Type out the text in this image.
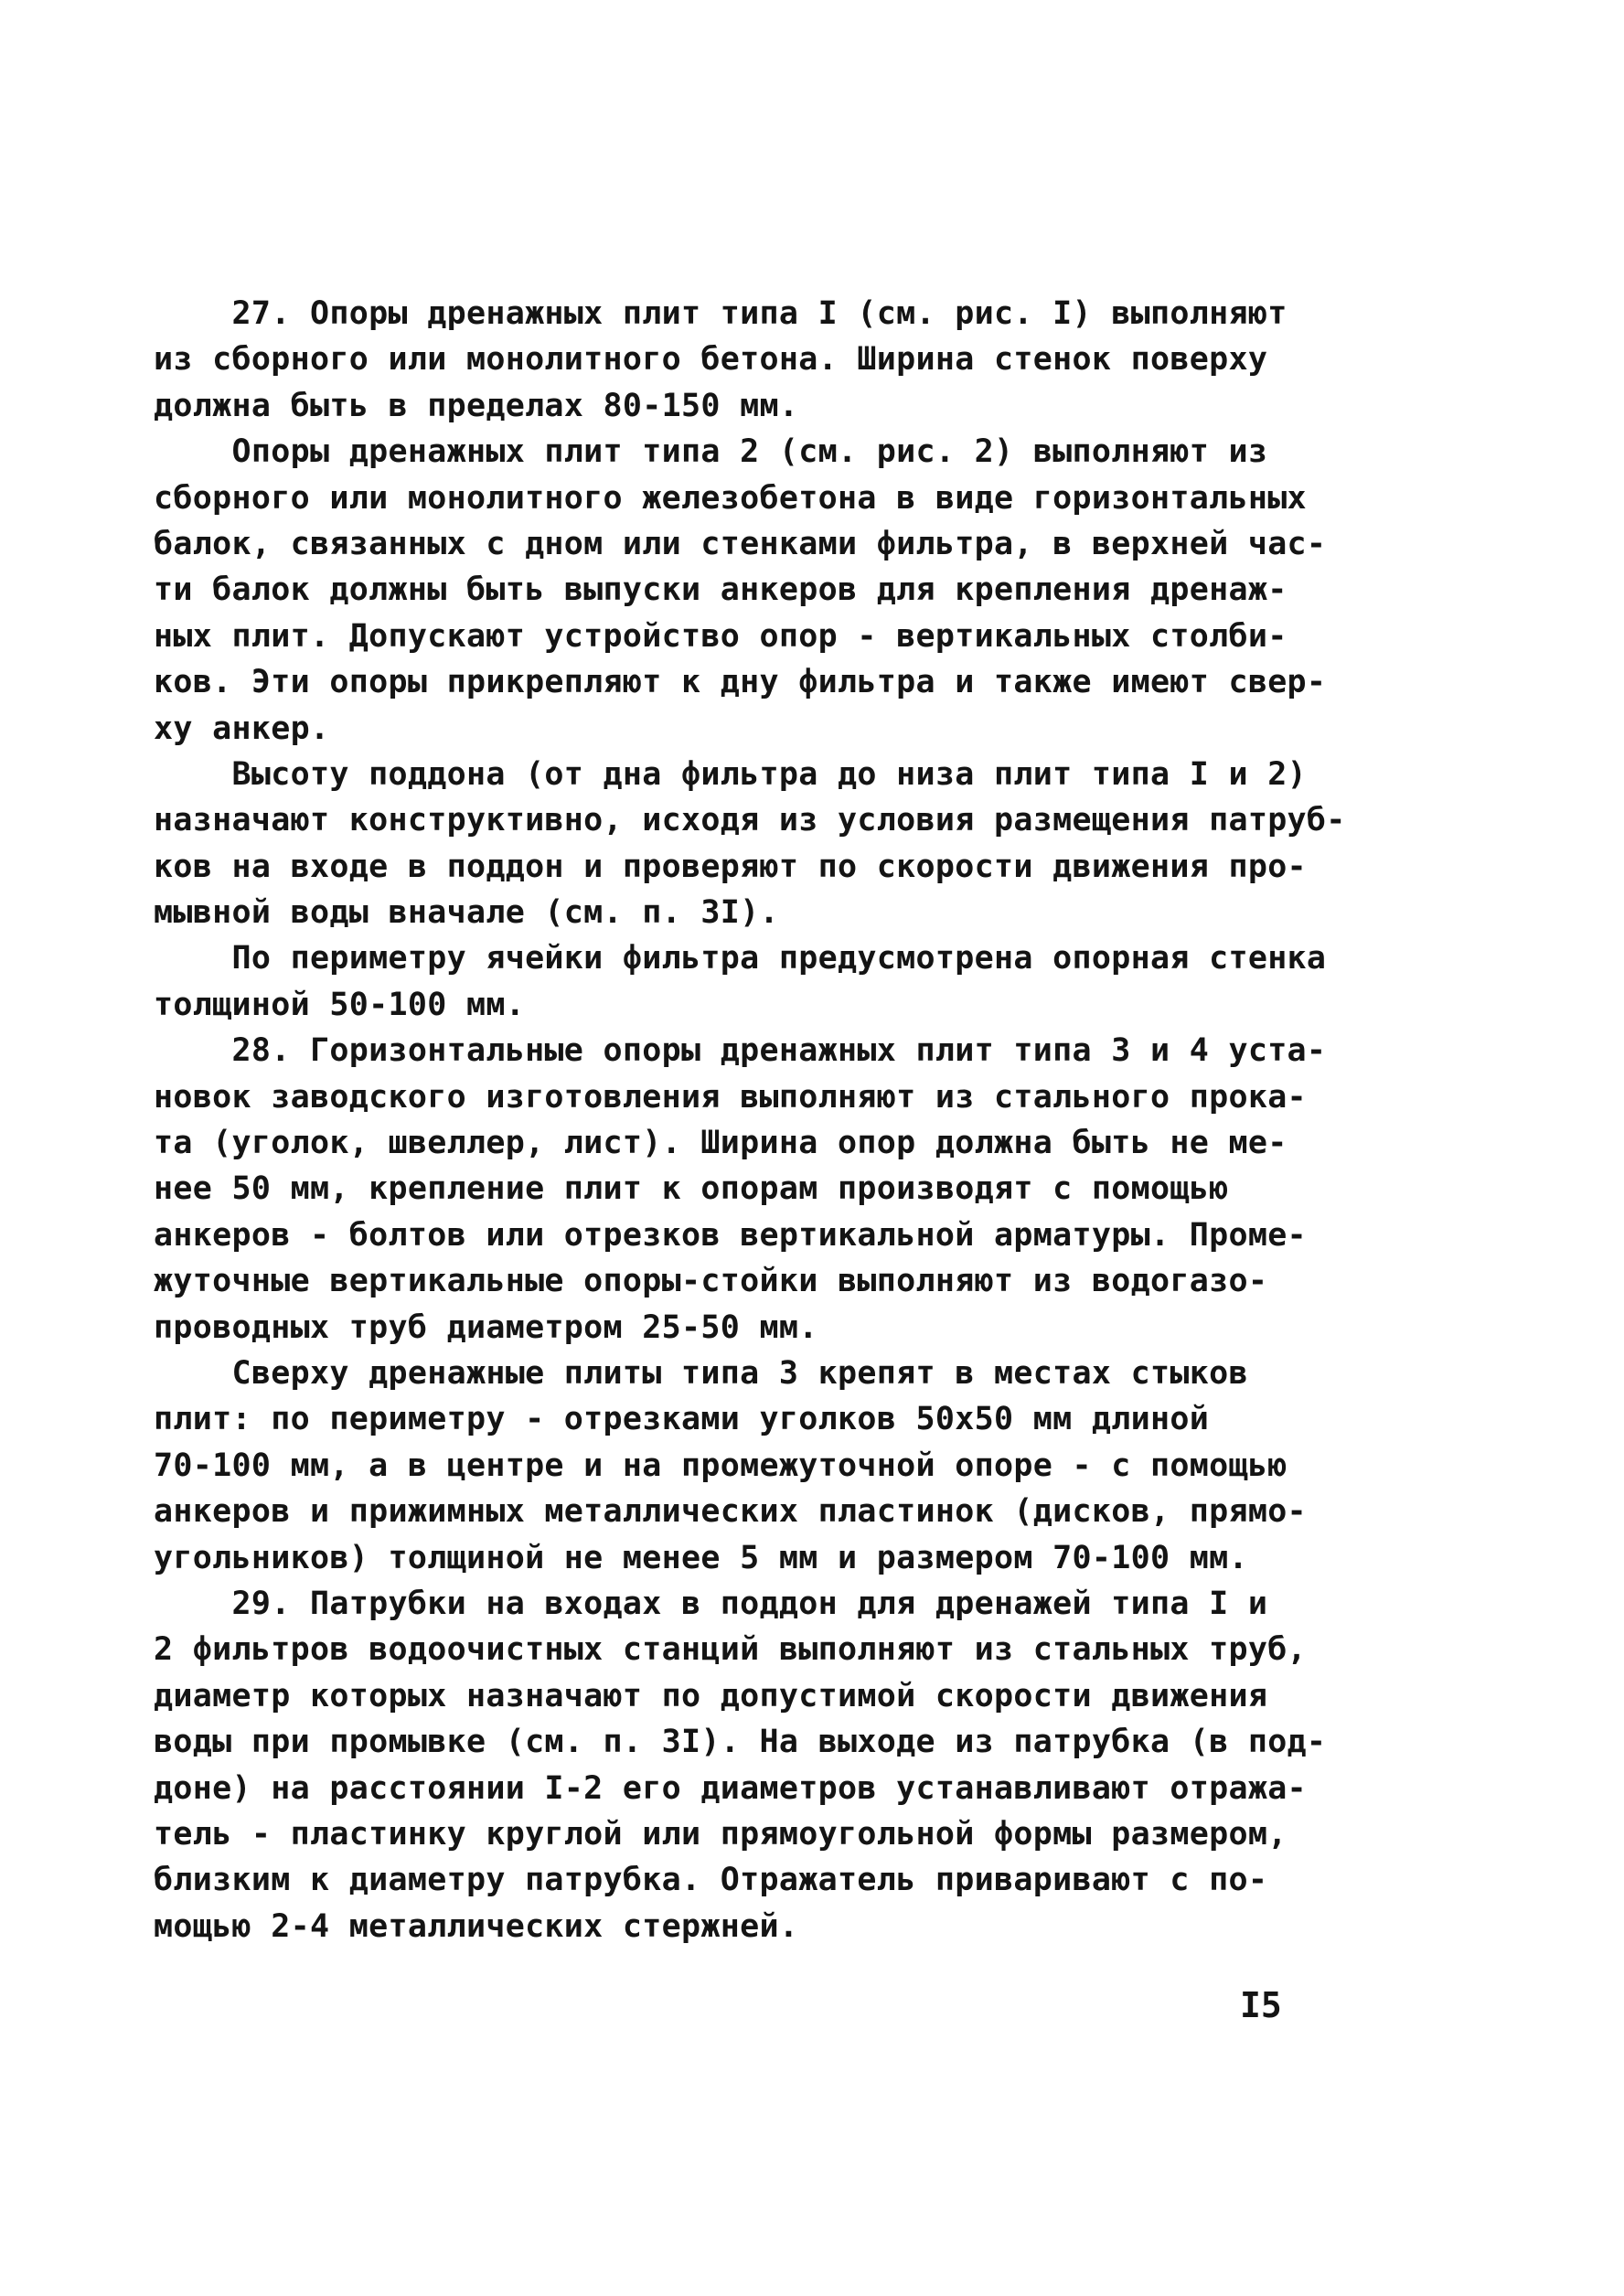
27. Опоры дренажных плит типа I (см. рис. I) выполняют
из сборного или монолитного бетона. Ширина стенок поверху
должна быть в пределах 80-150 мм.
Опоры дренажных плит типа 2 (см. рис. 2) выполняют из
сборного или монолитного железобетона в виде горизонтальных
балок, связанных с дном или стенками фильтра, в верхней час-
ти балок должны быть выпуски анкеров для крепления дренаж-
ных плит. Допускают устройство опор - вертикальных столби-
ков. Эти опоры прикрепляют к дну фильтра и также имеют свер-
ху анкер.
Высоту поддона (от дна фильтра до низа плит типа I и 2)
назначают конструктивно, исходя из условия размещения патруб-
ков на входе в поддон и проверяют по скорости движения про-
мывной воды вначале (см. п. 3I).
По периметру ячейки фильтра предусмотрена опорная стенка
толщиной 50-100 мм.
28. Горизонтальные опоры дренажных плит типа 3 и 4 уста-
новок заводского изготовления выполняют из стального прока-
та (уголок, швеллер, лист). Ширина опор должна быть не ме-
нее 50 мм, крепление плит к опорам производят с помощью
анкеров - болтов или отрезков вертикальной арматуры. Проме-
жуточные вертикальные опоры-стойки выполняют из водогазо-
проводных труб диаметром 25-50 мм.
Сверху дренажные плиты типа 3 крепят в местах стыков
плит: по периметру - отрезками уголков 50х50 мм длиной
70-100 мм, а в центре и на промежуточной опоре - с помощью
анкеров и прижимных металлических пластинок (дисков, прямо-
угольников) толщиной не менее 5 мм и размером 70-100 мм.
29. Патрубки на входах в поддон для дренажей типа I и
2 фильтров водоочистных станций выполняют из стальных труб,
диаметр которых назначают по допустимой скорости движения
воды при промывке (см. п. 3I). На выходе из патрубка (в под-
доне) на расстоянии I-2 его диаметров устанавливают отража-
тель - пластинку круглой или прямоугольной формы размером,
близким к диаметру патрубка. Отражатель приваривают с по-
мощью 2-4 металлических стержней.
I5
